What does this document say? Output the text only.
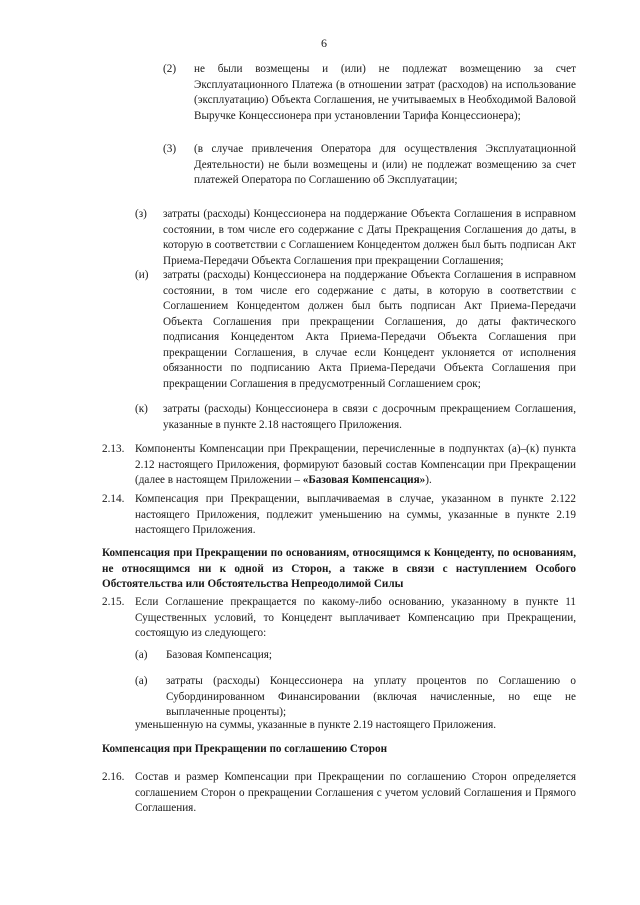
6
(2) не были возмещены и (или) не подлежат возмещению за счет Эксплуатационного Платежа (в отношении затрат (расходов) на использование (эксплуатацию) Объекта Соглашения, не учитываемых в Необходимой Валовой Выручке Концессионера при установлении Тарифа Концессионера);

(3) (в случае привлечения Оператора для осуществления Эксплуатационной Деятельности) не были возмещены и (или) не подлежат возмещению за счет платежей Оператора по Соглашению об Эксплуатации;

(з) затраты (расходы) Концессионера на поддержание Объекта Соглашения в исправном состоянии, в том числе его содержание с Даты Прекращения Соглашения до даты, в которую в соответствии с Соглашением Концедентом должен был быть подписан Акт Приема-Передачи Объекта Соглашения при прекращении Соглашения;

(и) затраты (расходы) Концессионера на поддержание Объекта Соглашения в исправном состоянии, в том числе его содержание с даты, в которую в соответствии с Соглашением Концедентом должен был быть подписан Акт Приема-Передачи Объекта Соглашения при прекращении Соглашения, до даты фактического подписания Концедентом Акта Приема-Передачи Объекта Соглашения при прекращении Соглашения, в случае если Концедент уклоняется от исполнения обязанности по подписанию Акта Приема-Передачи Объекта Соглашения при прекращении Соглашения в предусмотренный Соглашением срок;

(к) затраты (расходы) Концессионера в связи с досрочным прекращением Соглашения, указанные в пункте 2.18 настоящего Приложения.

2.13. Компоненты Компенсации при Прекращении, перечисленные в подпунктах (а)–(к) пункта 2.12 настоящего Приложения, формируют базовый состав Компенсации при Прекращении (далее в настоящем Приложении – «Базовая Компенсация»).

2.14. Компенсация при Прекращении, выплачиваемая в случае, указанном в пункте 2.122 настоящего Приложения, подлежит уменьшению на суммы, указанные в пункте 2.19 настоящего Приложения.

Компенсация при Прекращении по основаниям, относящимся к Концеденту, по основаниям, не относящимся ни к одной из Сторон, а также в связи с наступлением Особого Обстоятельства или Обстоятельства Непреодолимой Силы

2.15. Если Соглашение прекращается по какому-либо основанию, указанному в пункте 11 Существенных условий, то Концедент выплачивает Компенсацию при Прекращении, состоящую из следующего:

(а) Базовая Компенсация;

(а) затраты (расходы) Концессионера на уплату процентов по Соглашению о Субординированном Финансировании (включая начисленные, но еще не выплаченные проценты);

уменьшенную на суммы, указанные в пункте 2.19 настоящего Приложения.

Компенсация при Прекращении по соглашению Сторон

2.16. Состав и размер Компенсации при Прекращении по соглашению Сторон определяется соглашением Сторон о прекращении Соглашения с учетом условий Соглашения и Прямого Соглашения.
